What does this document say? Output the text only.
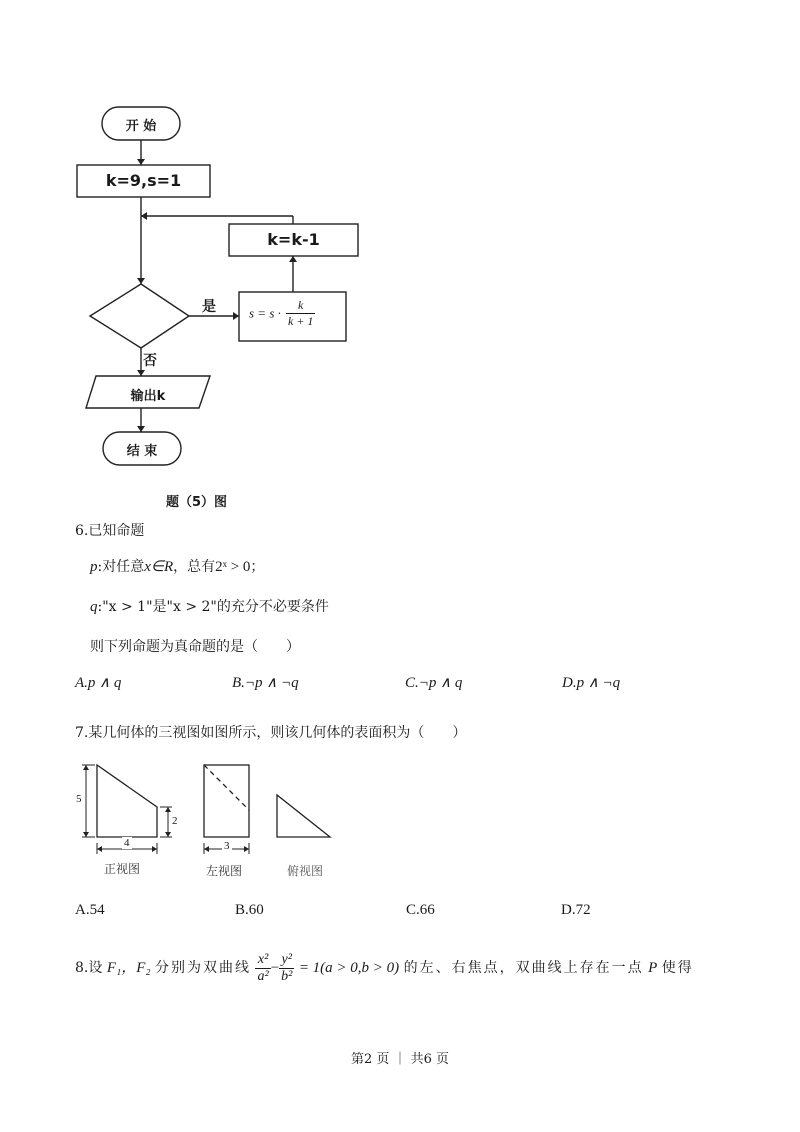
开 始
k=9,s=1
k=k-1
是
否
$s = s \cdot \frac{k}{k + 1}$
输出k
结 束
题（5）图
6.已知命题
p:对任意x∈R，总有2ˣ > 0；
q:"x > 1"是"x > 2"的充分不必要条件
则下列命题为真命题的是（　　）
A.p ∧ q	B.¬p ∧ ¬q	C.¬p ∧ q	D.p ∧ ¬q
7.某几何体的三视图如图所示，则该几何体的表面积为（　　）
5
2
4	3
正视图	左视图	俯视图
A.54	B.60	C.66	D.72
8.设 F₁，F₂ 分别为双曲线 $\frac{\text{x²}}{\text{a²}} - \frac{\text{y²}}{\text{b²}} = 1(a > 0,b > 0)$ 的左、右焦点，双曲线上存在一点 P 使得
第2 页 ｜ 共6 页
